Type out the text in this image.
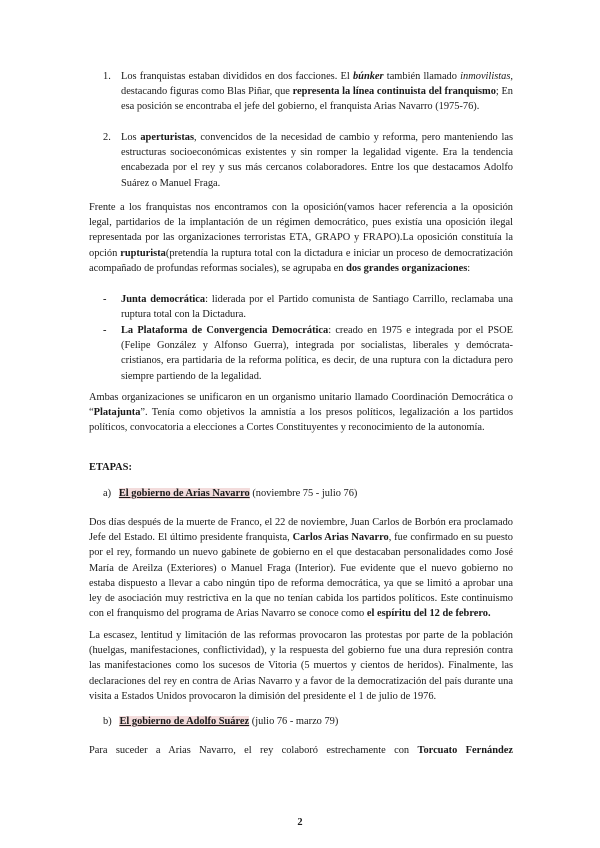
1. Los franquistas estaban divididos en dos facciones. El búnker también llamado inmovilistas, destacando figuras como Blas Piñar, que representa la línea continuista del franquismo; En esa posición se encontraba el jefe del gobierno, el franquista Arias Navarro (1975-76).

2. Los aperturistas, convencidos de la necesidad de cambio y reforma, pero manteniendo las estructuras socioeconómicas existentes y sin romper la legalidad vigente. Era la tendencia encabezada por el rey y sus más cercanos colaboradores. Entre los que destacamos Adolfo Suárez o Manuel Fraga.

Frente a los franquistas nos encontramos con la oposición(vamos hacer referencia a la oposición legal, partidarios de la implantación de un régimen democrático, pues existía una oposición ilegal representada por las organizaciones terroristas ETA, GRAPO y FRAPO).La oposición constituía la opción rupturista(pretendía la ruptura total con la dictadura e iniciar un proceso de democratización acompañado de profundas reformas sociales), se agrupaba en dos grandes organizaciones:

- Junta democrática: liderada por el Partido comunista de Santiago Carrillo, reclamaba una ruptura total con la Dictadura.

- La Plataforma de Convergencia Democrática: creado en 1975 e integrada por el PSOE (Felipe González y Alfonso Guerra), integrada por socialistas, liberales y demócrata-cristianos, era partidaria de la reforma política, es decir, de una ruptura con la dictadura pero siempre partiendo de la legalidad.

Ambas organizaciones se unificaron en un organismo unitario llamado Coordinación Democrática o “Platajunta”. Tenía como objetivos la amnistía a los presos políticos, legalización a los partidos políticos, convocatoria a elecciones a Cortes Constituyentes y reconocimiento de la autonomía.

ETAPAS:
a) El gobierno de Arias Navarro (noviembre 75 - julio 76)

Dos días después de la muerte de Franco, el 22 de noviembre, Juan Carlos de Borbón era proclamado Jefe del Estado. El último presidente franquista, Carlos Arias Navarro, fue confirmado en su puesto por el rey, formando un nuevo gabinete de gobierno en el que destacaban personalidades como José María de Areilza (Exteriores) o Manuel Fraga (Interior). Fue evidente que el nuevo gobierno no estaba dispuesto a llevar a cabo ningún tipo de reforma democrática, ya que se limitó a aprobar una ley de asociación muy restrictiva en la que no tenían cabida los partidos políticos. Este continuismo con el franquismo del programa de Arias Navarro se conoce como el espíritu del 12 de febrero.

La escasez, lentitud y limitación de las reformas provocaron las protestas por parte de la población (huelgas, manifestaciones, conflictividad), y la respuesta del gobierno fue una dura represión contra las manifestaciones como los sucesos de Vitoria (5 muertos y cientos de heridos). Finalmente, las declaraciones del rey en contra de Arias Navarro y a favor de la democratización del país durante una visita a Estados Unidos provocaron la dimisión del presidente el 1 de julio de 1976.

b) El gobierno de Adolfo Suárez (julio 76 - marzo 79)

Para suceder a Arias Navarro, el rey colaboró estrechamente con Torcuato Fernández

2
